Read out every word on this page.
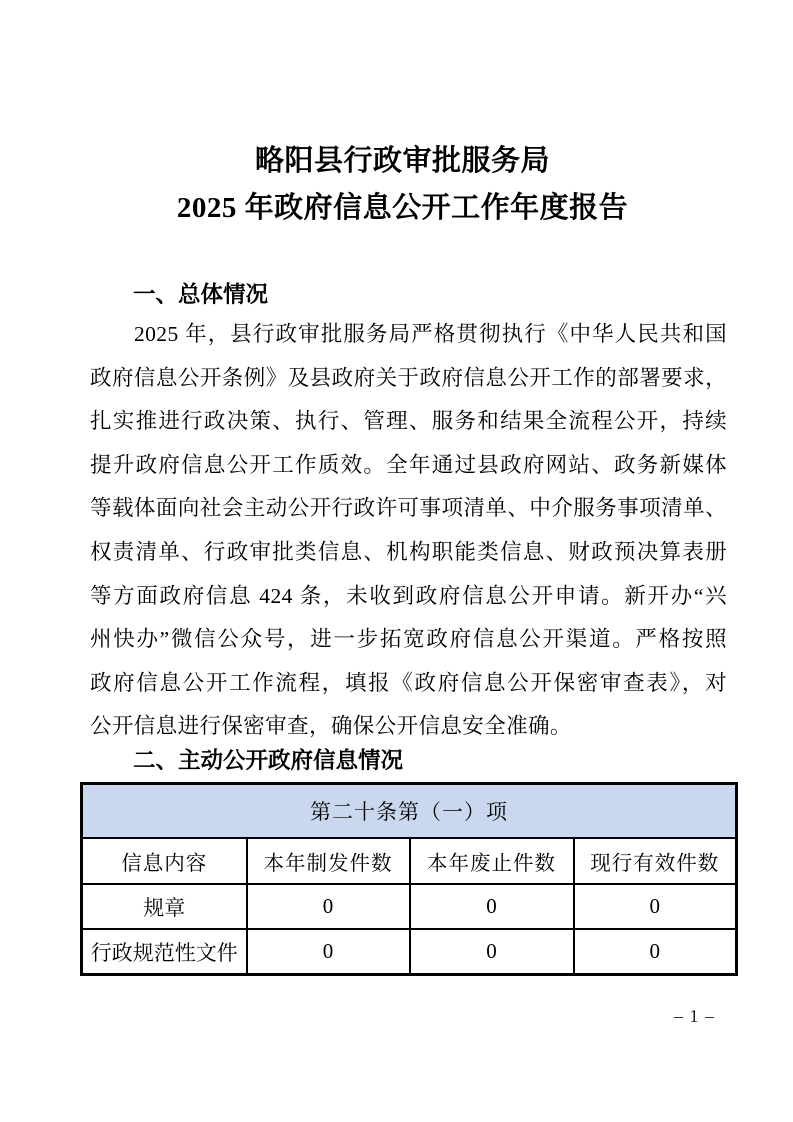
略阳县行政审批服务局
2025 年政府信息公开工作年度报告
一、总体情况
2025 年，县行政审批服务局严格贯彻执行《中华人民共和国
政府信息公开条例》及县政府关于政府信息公开工作的部署要求，
扎实推进行政决策、执行、管理、服务和结果全流程公开，持续
提升政府信息公开工作质效。全年通过县政府网站、政务新媒体
等载体面向社会主动公开行政许可事项清单、中介服务事项清单、
权责清单、行政审批类信息、机构职能类信息、财政预决算表册
等方面政府信息 424 条，未收到政府信息公开申请。新开办“兴
州快办”微信公众号，进一步拓宽政府信息公开渠道。严格按照
政府信息公开工作流程，填报《政府信息公开保密审查表》，对
公开信息进行保密审查，确保公开信息安全准确。
二、主动公开政府信息情况
第二十条第（一）项			
信息内容	本年制发件数	本年废止件数	现行有效件数
规章	0	0	0
行政规范性文件	0	0	0
– 1 –
